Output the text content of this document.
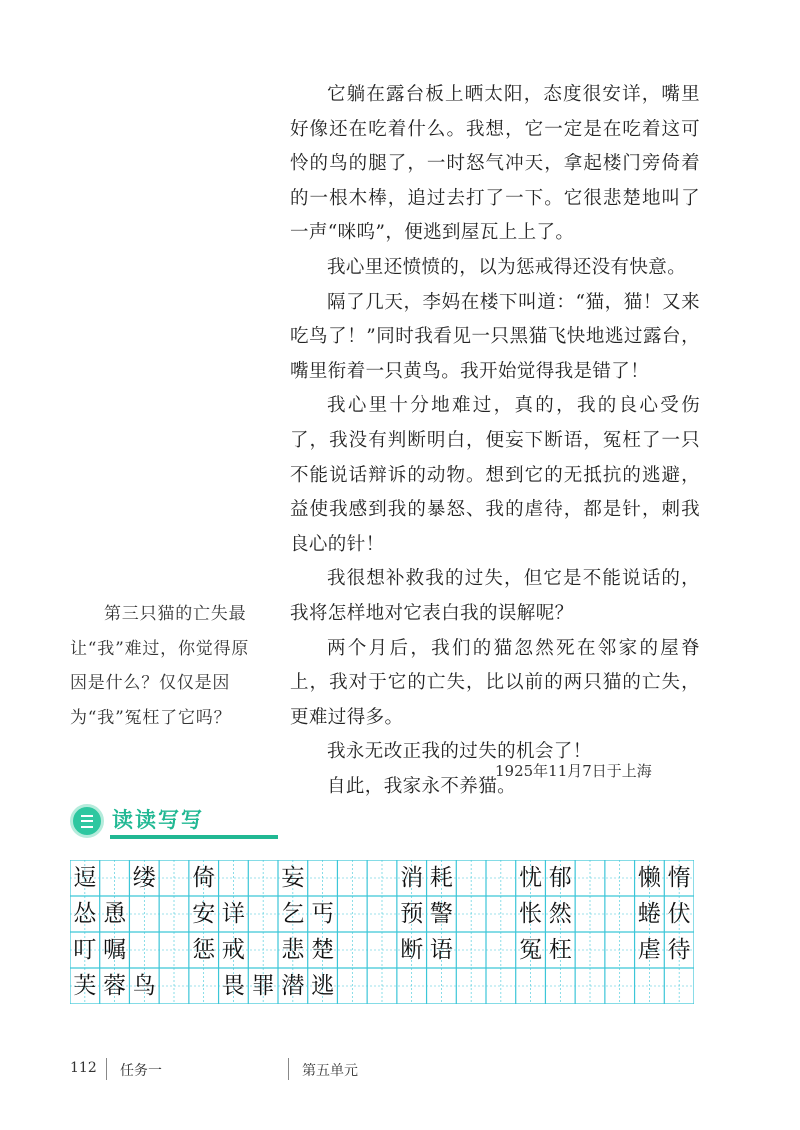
它躺在露台板上晒太阳，态度很安详，嘴里好像还在吃着什么。我想，它一定是在吃着这可怜的鸟的腿了，一时怒气冲天，拿起楼门旁倚着的一根木棒，追过去打了一下。它很悲楚地叫了一声“咪呜”，便逃到屋瓦上上了。

我心里还愤愤的，以为惩戒得还没有快意。

隔了几天，李妈在楼下叫道：“猫，猫！又来吃鸟了！”同时我看见一只黑猫飞快地逃过露台，嘴里衔着一只黄鸟。我开始觉得我是错了！

我心里十分地难过，真的，我的良心受伤了，我没有判断明白，便妄下断语，冤枉了一只不能说话辩诉的动物。想到它的无抵抗的逃避，益使我感到我的暴怒、我的虐待，都是针，刺我良心的针！

我很想补救我的过失，但它是不能说话的，我将怎样地对它表白我的误解呢？

两个月后，我们的猫忽然死在邻家的屋脊上，我对于它的亡失，比以前的两只猫的亡失，更难过得多。

我永无改正我的过失的机会了！

自此，我家永不养猫。

1925年11月7日于上海
第三只猫的亡失最让“我”难过，你觉得原因是什么？仅仅是因为“我”冤枉了它吗？
读读写写
逗 缕 倚	妄	消 耗	忧 郁	懒 惰
怂 恿	安 详 乞 丐	预 警	怅 然	蜷 伏
叮 嘱	惩 戒 悲 楚	断 语	冤 枉	虐 待
芙 蓉 鸟	畏 罪 潜 逃
112 任务一	第五单元
